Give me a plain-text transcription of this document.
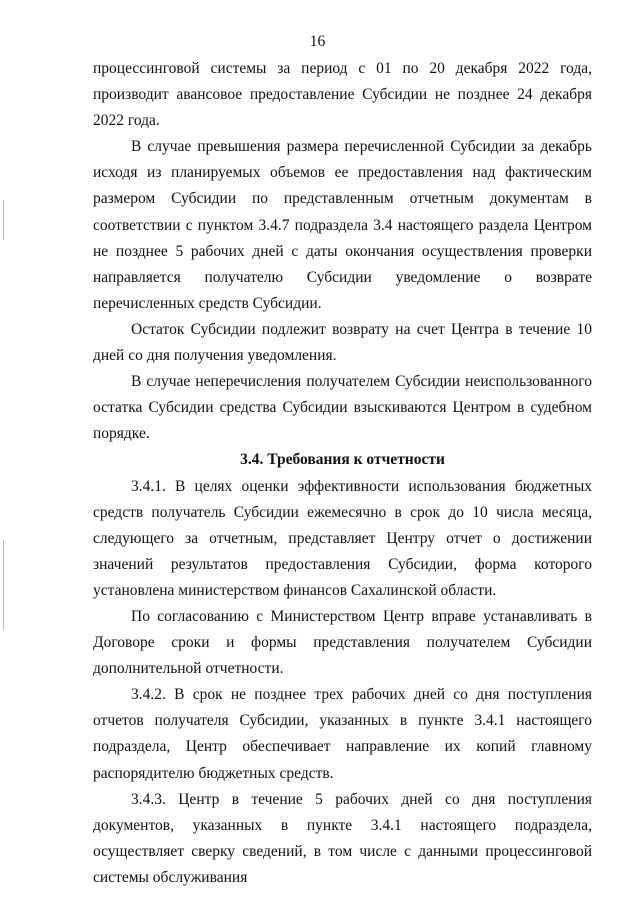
16

процессинговой системы за период с 01 по 20 декабря 2022 года, производит авансовое предоставление Субсидии не позднее 24 декабря 2022 года.

В случае превышения размера перечисленной Субсидии за декабрь исходя из планируемых объемов ее предоставления над фактическим размером Субсидии по представленным отчетным документам в соответствии с пунктом 3.4.7 подраздела 3.4 настоящего раздела Центром не позднее 5 рабочих дней с даты окончания осуществления проверки направляется получателю Субсидии уведомление о возврате перечисленных средств Субсидии.

Остаток Субсидии подлежит возврату на счет Центра в течение 10 дней со дня получения уведомления.

В случае неперечисления получателем Субсидии неиспользованного остатка Субсидии средства Субсидии взыскиваются Центром в судебном порядке.

3.4. Требования к отчетности

3.4.1. В целях оценки эффективности использования бюджетных средств получатель Субсидии ежемесячно в срок до 10 числа месяца, следующего за отчетным, представляет Центру отчет о достижении значений результатов предоставления Субсидии, форма которого установлена министерством финансов Сахалинской области.

По согласованию с Министерством Центр вправе устанавливать в Договоре сроки и формы представления получателем Субсидии дополнительной отчетности.

3.4.2. В срок не позднее трех рабочих дней со дня поступления отчетов получателя Субсидии, указанных в пункте 3.4.1 настоящего подраздела, Центр обеспечивает направление их копий главному распорядителю бюджетных средств.

3.4.3. Центр в течение 5 рабочих дней со дня поступления документов, указанных в пункте 3.4.1 настоящего подраздела, осуществляет сверку сведений, в том числе с данными процессинговой системы обслуживания
